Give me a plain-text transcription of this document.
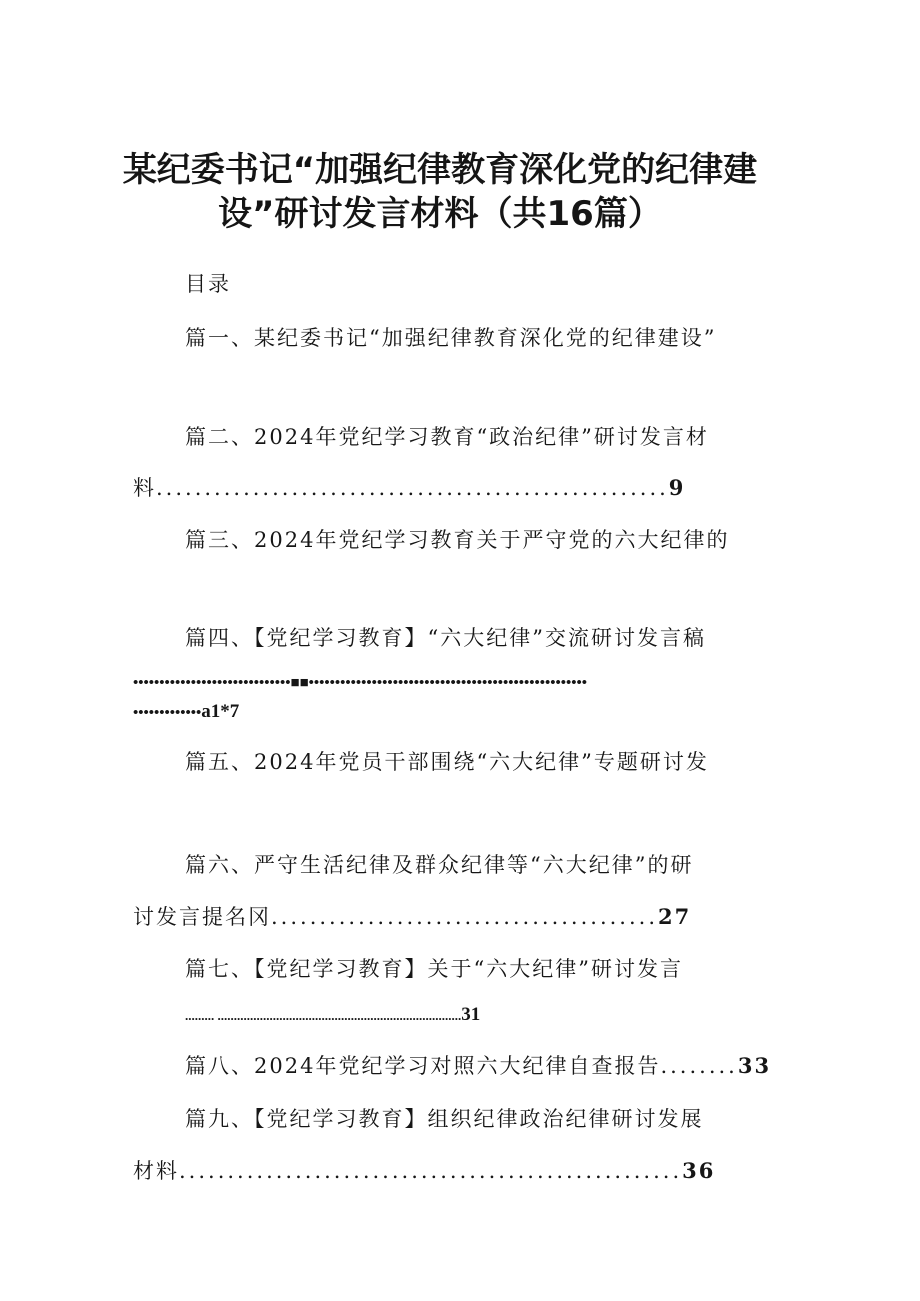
某纪委书记“加强纪律教育深化党的纪律建
设”研讨发言材料（共16篇）
目录
篇一、某纪委书记“加强纪律教育深化党的纪律建设”
篇二、2024年党纪学习教育“政治纪律”研讨发言材
料.....................................................9
篇三、2024年党纪学习教育关于严守党的六大纪律的
篇四、【党纪学习教育】“六大纪律”交流研讨发言稿
••••••••••••••••••••••••••••••■■•••••••••••••••••••••••••••••••••••••••••••••••••••••
•••••••••••••a1*7
篇五、2024年党员干部围绕“六大纪律”专题研讨发
篇六、严守生活纪律及群众纪律等“六大纪律”的研
讨发言提名冈........................................27
篇七、【党纪学习教育】关于“六大纪律”研讨发言
......... ...........................................................................31
篇八、2024年党纪学习对照六大纪律自查报告........33
篇九、【党纪学习教育】组织纪律政治纪律研讨发展
材料....................................................36
